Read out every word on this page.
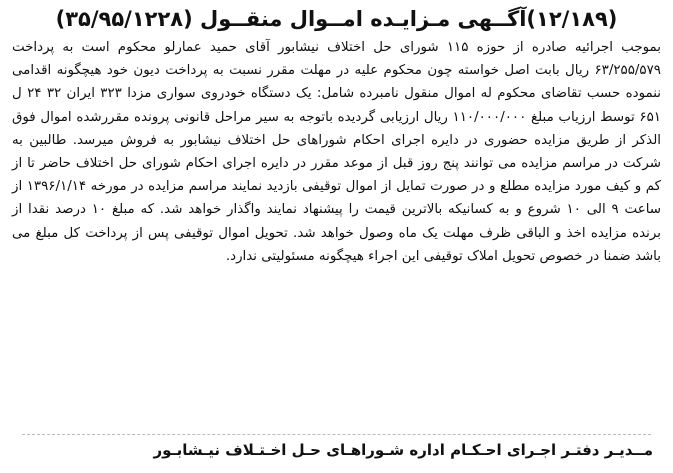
(۱۲/۱۸۹)آگــهی مـزایـده امــوال منقــول (۳۵/۹۵/۱۲۲۸)

بموجب اجرائیه صادره از حوزه ۱۱۵ شورای حل اختلاف نیشابور آقای حمید عمارلو محکوم است به پرداخت ۶۳/۲۵۵/۵۷۹ ریال بابت اصل خواسته چون محکوم علیه در مهلت مقرر نسبت به پرداخت دیون خود هیچگونه اقدامی ننموده حسب تقاضای محکوم له اموال منقول نامبرده شامل: یک دستگاه خودروی سواری مزدا ۳۲۳ ایران ۳۲ ۲۴ ل ۶۵۱ توسط ارزیاب مبلغ ۱۱۰/۰۰۰/۰۰۰ ریال ارزیابی گردیده باتوجه به سیر مراحل قانونی پرونده مقررشده اموال فوق الذکر از طریق مزایده حضوری در دایره اجرای احکام شوراهای حل اختلاف نیشابور به فروش میرسد. طالبین به شرکت در مراسم مزایده می توانند پنج روز قبل از موعد مقرر در دایره اجرای احکام شورای حل اختلاف حاضر تا از کم و کیف مورد مزایده مطلع و در صورت تمایل از اموال توقیفی بازدید نمایند مراسم مزایده در مورخه ۱۳۹۶/۱/۱۴ از ساعت ۹ الی ۱۰ شروع و به کسانیکه بالاترین قیمت را پیشنهاد نمایند واگذار خواهد شد. که مبلغ ۱۰ درصد نقدا از برنده مزایده اخذ و الباقی ظرف مهلت یک ماه وصول خواهد شد. تحویل اموال توقیفی پس از پرداخت کل مبلغ می باشد ضمنا در خصوص تحویل املاک توقیفی این اجراء هیچگونه مسئولیتی ندارد.

مــدیـر دفتـر اجـرای احـکـام اداره شـوراهـای حـل اخـتـلاف نیـشابـور
